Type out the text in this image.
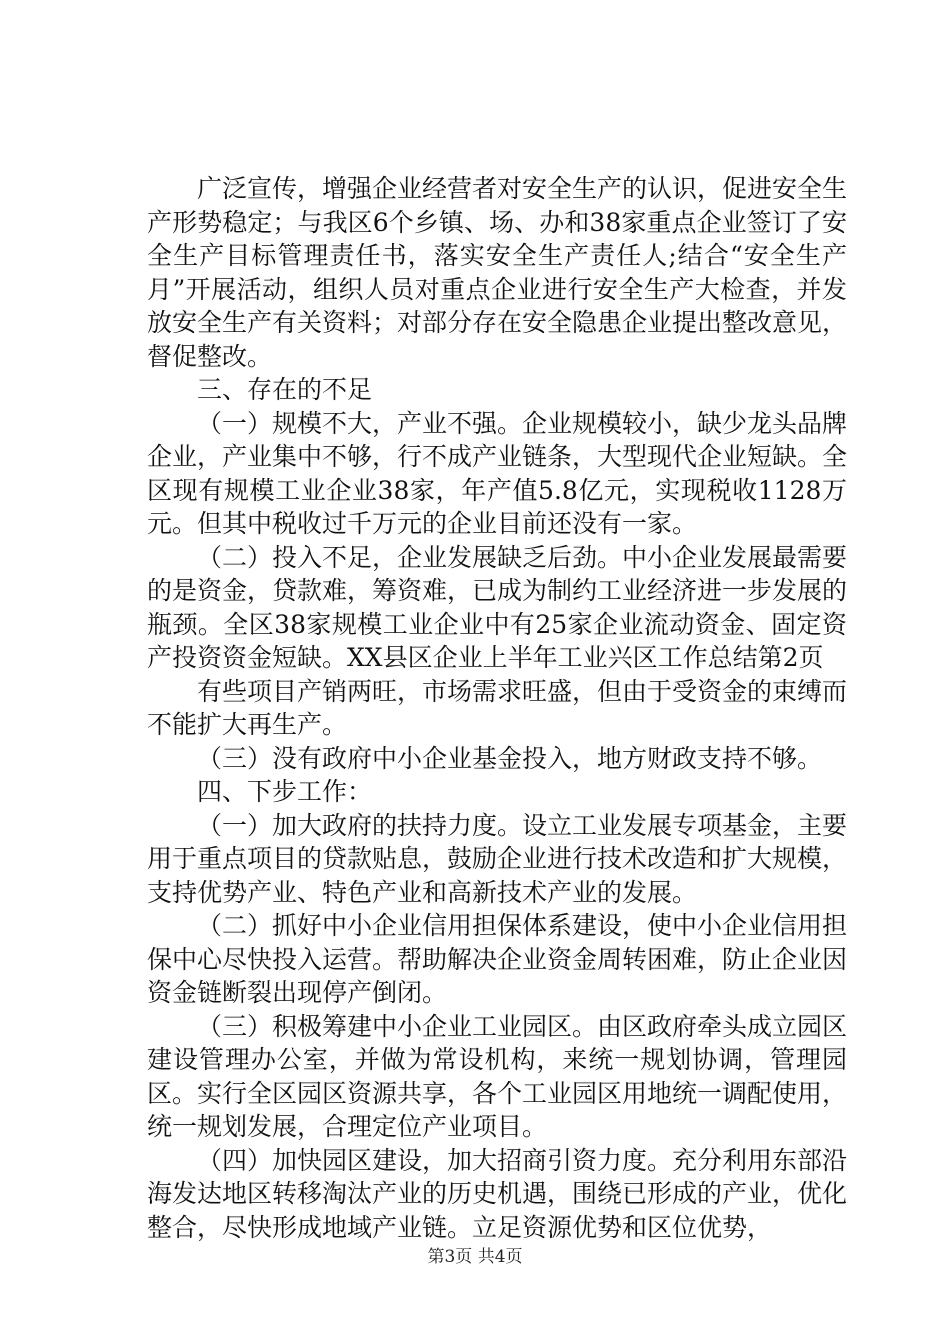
广泛宣传，增强企业经营者对安全生产的认识，促进安全生产形势稳定；与我区6个乡镇、场、办和38家重点企业签订了安全生产目标管理责任书，落实安全生产责任人;结合“安全生产月”开展活动，组织人员对重点企业进行安全生产大检查，并发放安全生产有关资料；对部分存在安全隐患企业提出整改意见，督促整改。

三、存在的不足

（一）规模不大，产业不强。企业规模较小，缺少龙头品牌企业，产业集中不够，行不成产业链条，大型现代企业短缺。全区现有规模工业企业38家，年产值5.8亿元，实现税收1128万元。但其中税收过千万元的企业目前还没有一家。

（二）投入不足，企业发展缺乏后劲。中小企业发展最需要的是资金，贷款难，筹资难，已成为制约工业经济进一步发展的瓶颈。全区38家规模工业企业中有25家企业流动资金、固定资产投资资金短缺。XX县区企业上半年工业兴区工作总结第2页

有些项目产销两旺，市场需求旺盛，但由于受资金的束缚而不能扩大再生产。

（三）没有政府中小企业基金投入，地方财政支持不够。

四、下步工作：

（一）加大政府的扶持力度。设立工业发展专项基金，主要用于重点项目的贷款贴息，鼓励企业进行技术改造和扩大规模，支持优势产业、特色产业和高新技术产业的发展。

（二）抓好中小企业信用担保体系建设，使中小企业信用担保中心尽快投入运营。帮助解决企业资金周转困难，防止企业因资金链断裂出现停产倒闭。

（三）积极筹建中小企业工业园区。由区政府牵头成立园区建设管理办公室，并做为常设机构，来统一规划协调，管理园区。实行全区园区资源共享，各个工业园区用地统一调配使用，统一规划发展，合理定位产业项目。

（四）加快园区建设，加大招商引资力度。充分利用东部沿海发达地区转移淘汰产业的历史机遇，围绕已形成的产业，优化整合，尽快形成地域产业链。立足资源优势和区位优势，

第3页 共4页
